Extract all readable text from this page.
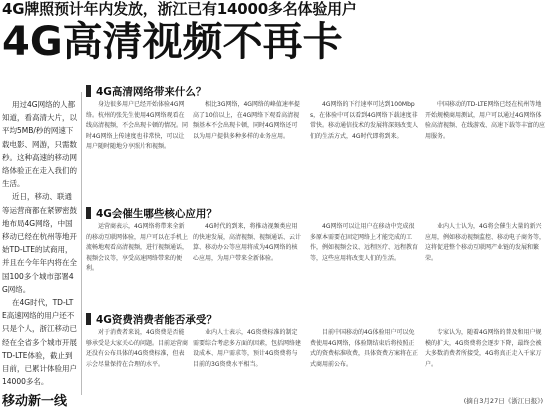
4G牌照预计年内发放，浙江已有14000多名体验用户
4G高清视频不再卡

用过4G网络的人都知道，看高清大片，以平均5MB/秒的网速下载电影、网游，只需数秒。这种高速的移动网络体验正在走入我们的生活。

近日，移动、联通等运营商都在紧锣密鼓地布局4G网络，中国移动已经在杭州等地开始TD-LTE的试商用，并且在今年年内将在全国100多个城市部署4G网络。

在4G时代，TD-LTE高速网络的用户还不只是个人，浙江移动已经在全省多个城市开展TD-LTE体验，截止到目前，已累计体验用户14000多名。

4G高清网络带来什么？

身边很多用户已经开始体验4G网络。杭州的张先生使用4G网络观看在线高清视频，不会出现卡顿的情况。同时4G网络上传速度也非常快，可以让用户随时随地分享照片和视频。

相比3G网络，4G网络的峰值速率提高了10倍以上，在4G网络下观看高清视频基本不会出现卡顿，同时4G网络还可以为用户提供多种多样的业务应用。

4G网络的下行速率可达到100Mbps，在体验中可以看到4G网络下载速度非常快。移动通信技术的发展将深刻改变人们的生活方式，4G时代即将到来。

中国移动的TD-LTE网络已经在杭州等地开始规模商用测试，用户可以通过4G网络体验高清视频、在线游戏、高速下载等丰富的应用服务。

4G会催生哪些核心应用？

运营商表示，4G网络将带来全新的移动互联网体验，用户可以在手机上流畅地观看高清视频，进行视频通话，视频会议等，享受高速网络带来的便利。

4G时代的到来，将推动视频类应用的快速发展，高清视频、视频通话、云计算、移动办公等应用将成为4G网络的核心应用，为用户带来全新体验。

4G网络可以让用户在移动中完成很多原本需要在固定网络上才能完成的工作，例如视频会议、远程医疗、远程教育等，这些应用将改变人们的生活。

业内人士认为，4G将会催生大量的新兴应用，例如移动视频监控、移动电子商务等，这将促进整个移动互联网产业链的发展和繁荣。

4G资费消费者能否承受？

对于消费者来说，4G资费是否能够承受是大家关心的问题。目前运营商还没有公布具体的4G资费标准，但表示会尽量保持在合理的水平。

业内人士表示，4G资费标准的制定需要综合考虑多方面的因素，包括网络建设成本、用户需求等，预计4G资费将与目前的3G资费水平相当。

目前中国移动的4G体验用户可以免费使用4G网络，体验期结束后将按照正式的资费标准收费，具体资费方案将在正式商用前公布。

专家认为，随着4G网络的普及和用户规模的扩大，4G资费将会逐步下降，最终会被大多数消费者所接受，4G将真正走入千家万户。

移动新一线	(摘自3月27日《浙江日报》)
